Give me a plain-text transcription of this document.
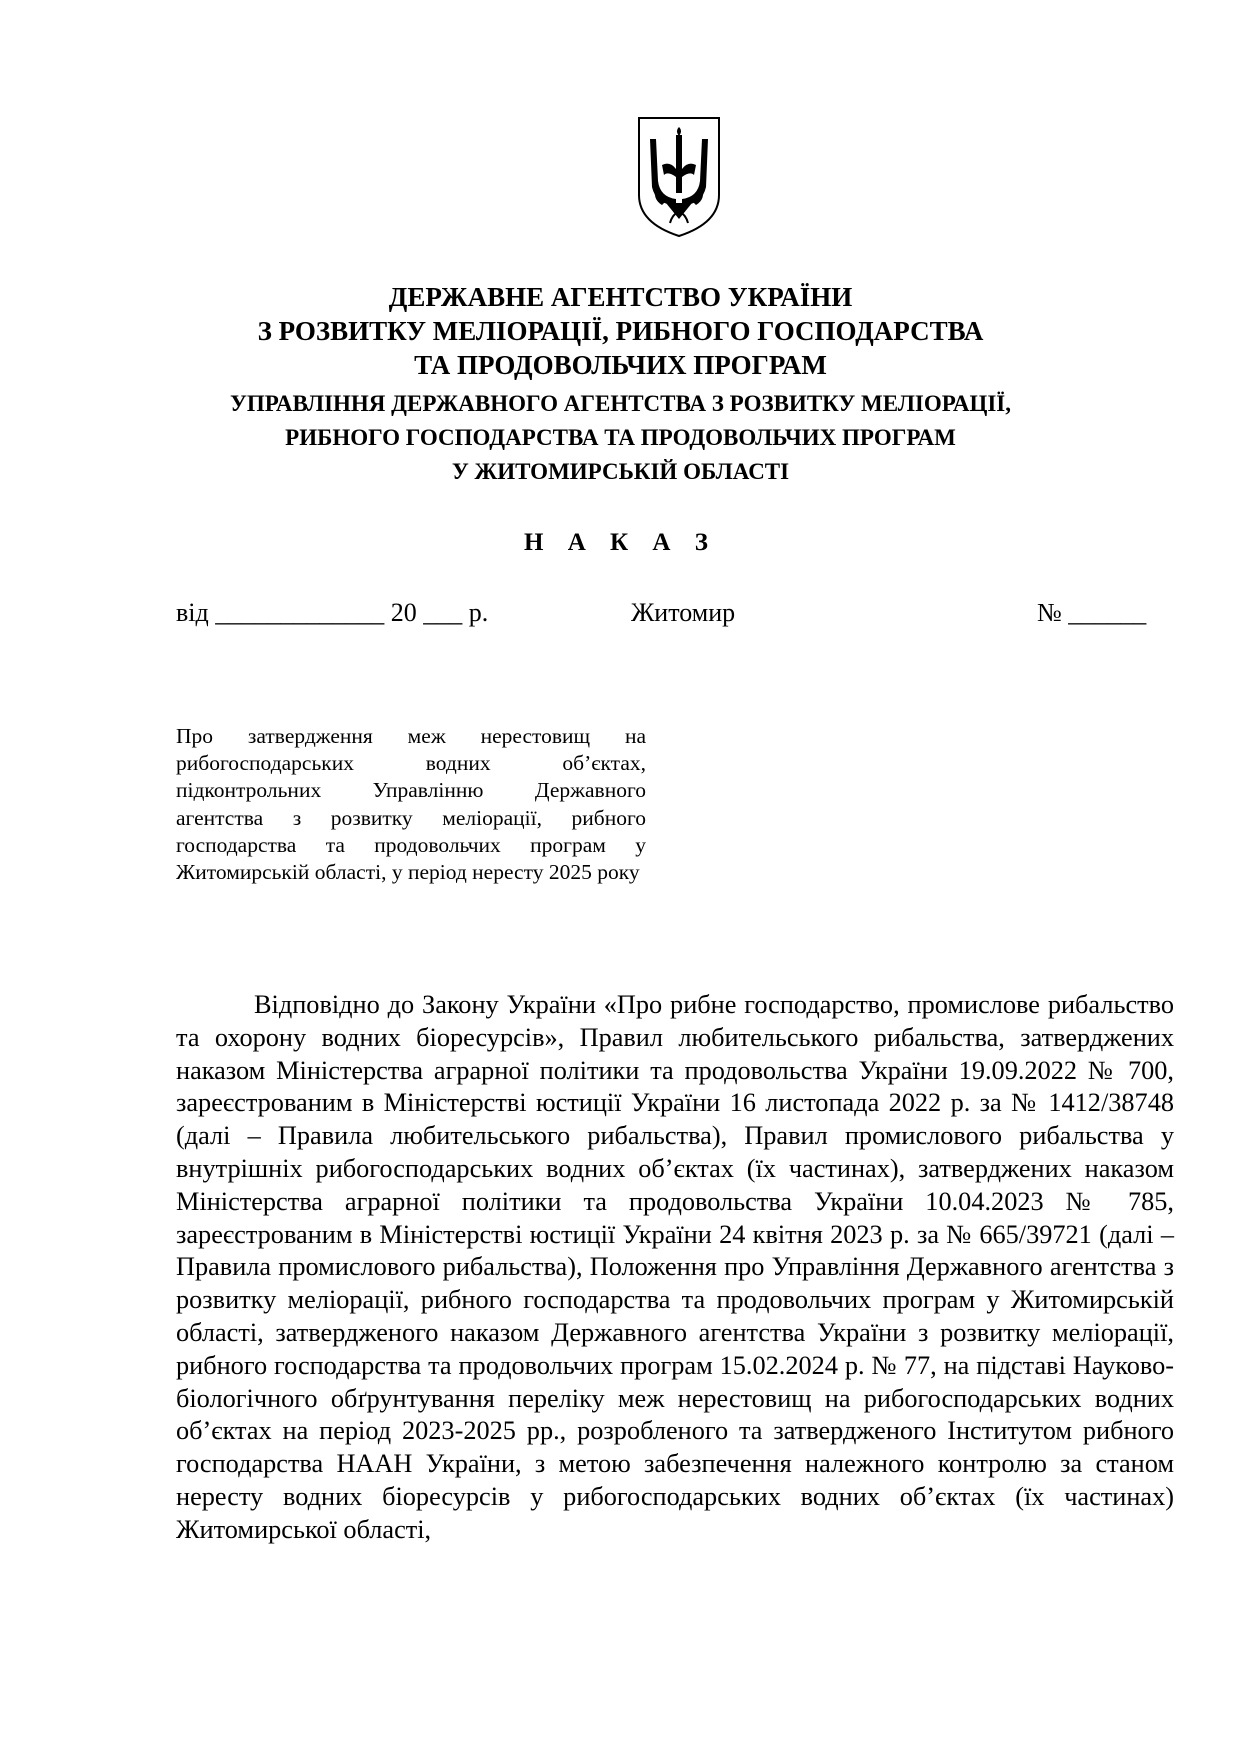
ДЕРЖАВНЕ АГЕНТСТВО УКРАЇНИ
З РОЗВИТКУ МЕЛІОРАЦІЇ, РИБНОГО ГОСПОДАРСТВА
ТА ПРОДОВОЛЬЧИХ ПРОГРАМ
УПРАВЛІННЯ ДЕРЖАВНОГО АГЕНТСТВА З РОЗВИТКУ МЕЛІОРАЦІЇ,
РИБНОГО ГОСПОДАРСТВА ТА ПРОДОВОЛЬЧИХ ПРОГРАМ
У ЖИТОМИРСЬКІЙ ОБЛАСТІ
Н А К А З
від _____________ 20 ___ р.	Житомир	№ ______

Про затвердження меж нерестовищ на рибогосподарських водних об’єктах, підконтрольних Управлінню Державного агентства з розвитку меліорації, рибного господарства та продовольчих програм у Житомирській області, у період нересту 2025 року

Відповідно до Закону України «Про рибне господарство, промислове рибальство та охорону водних біоресурсів», Правил любительського рибальства, затверджених наказом Міністерства аграрної політики та продовольства України 19.09.2022 № 700, зареєстрованим в Міністерстві юстиції України 16 листопада 2022 р. за № 1412/38748 (далі – Правила любительського рибальства), Правил промислового рибальства у внутрішніх рибогосподарських водних об’єктах (їх частинах), затверджених наказом Міністерства аграрної політики та продовольства України 10.04.2023 № 785, зареєстрованим в Міністерстві юстиції України 24 квітня 2023 р. за № 665/39721 (далі – Правила промислового рибальства), Положення про Управління Державного агентства з розвитку меліорації, рибного господарства та продовольчих програм у Житомирській області, затвердженого наказом Державного агентства України з розвитку меліорації, рибного господарства та продовольчих програм 15.02.2024 р. № 77, на підставі Науково-біологічного обґрунтування переліку меж нерестовищ на рибогосподарських водних об’єктах на період 2023-2025 рр., розробленого та затвердженого Інститутом рибного господарства НААН України, з метою забезпечення належного контролю за станом нересту водних біоресурсів у рибогосподарських водних об’єктах (їх частинах) Житомирської області,
